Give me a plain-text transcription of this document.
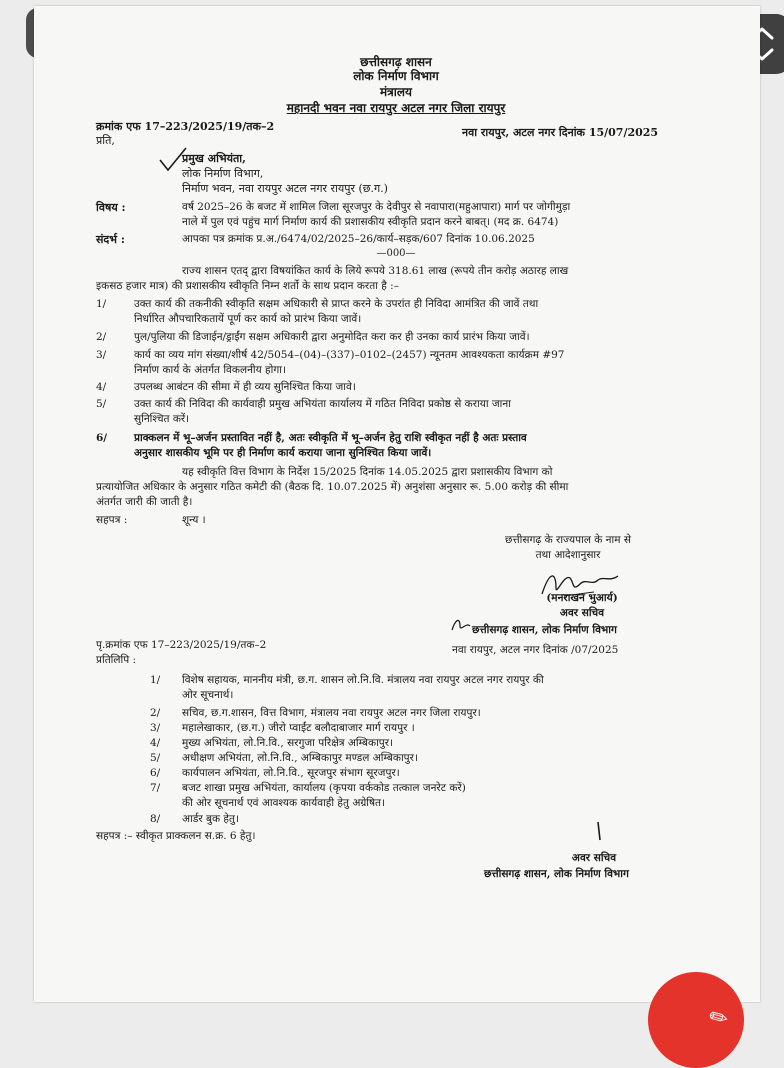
छत्तीसगढ़ शासन
लोक निर्माण विभाग
मंत्रालय
महानदी भवन नवा रायपुर अटल नगर जिला रायपुर
क्रमांक एफ 17–223/2025/19/तक–2	नवा रायपुर, अटल नगर दिनांक 15/07/2025
प्रति,
प्रमुख अभियंता,
लोक निर्माण विभाग,
निर्माण भवन, नवा रायपुर अटल नगर रायपुर (छ.ग.)
विषय :	वर्ष 2025–26 के बजट में शामिल जिला सूरजपुर के देवीपुर से नवापारा(महुआपारा) मार्ग पर जोगीमुड़ा
नाले में पुल एवं पहुंच मार्ग निर्माण कार्य की प्रशासकीय स्वीकृति प्रदान करने बाबत्। (मद क्र. 6474)
संदर्भ :	आपका पत्र क्रमांक प्र.अ./6474/02/2025–26/कार्य–सड़क/607 दिनांक 10.06.2025
—000—
राज्य शासन एतद् द्वारा विषयांकित कार्य के लिये रूपये 318.61 लाख (रूपये तीन करोड़ अठारह लाख
इकसठ हजार मात्र) की प्रशासकीय स्वीकृति निम्न शर्तो के साथ प्रदान करता है :–
1/	उक्त कार्य की तकनीकी स्वीकृति सक्षम अधिकारी से प्राप्त करने के उपरांत ही निविदा आमंत्रित की जावें तथा
निर्धारित औपचारिकतायें पूर्ण कर कार्य को प्रारंभ किया जावें।
2/	पुल/पुलिया की डिजाईन/ड्राईंग सक्षम अधिकारी द्वारा अनुमोदित करा कर ही उनका कार्य प्रारंभ किया जावें।
3/	कार्य का व्यय मांग संख्या/शीर्ष 42/5054–(04)–(337)–0102–(2457) न्यूनतम आवश्यकता कार्यक्रम #97
निर्माण कार्य के अंतर्गत विकलनीय होगा।
4/	उपलब्ध आबंटन की सीमा में ही व्यय सुनिश्चित किया जावे।
5/	उक्त कार्य की निविदा की कार्यवाही प्रमुख अभियंता कार्यालय में गठित निविदा प्रकोष्ठ से कराया जाना
सुनिश्चित करें।
6/	प्राक्कलन में भू–अर्जन प्रस्तावित नहीं है, अतः स्वीकृति में भू–अर्जन हेतु राशि स्वीकृत नहीं है अतः प्रस्ताव
अनुसार शासकीय भूमि पर ही निर्माण कार्य कराया जाना सुनिश्चित किया जावें।
यह स्वीकृति वित्त विभाग के निर्देश 15/2025 दिनांक 14.05.2025 द्वारा प्रशासकीय विभाग को
प्रत्यायोजित अधिकार के अनुसार गठित कमेटी की (बैठक दि. 10.07.2025 में) अनुशंसा अनुसार रू. 5.00 करोड़ की सीमा
अंतर्गत जारी की जाती है।
सहपत्र :	शून्य ।
छत्तीसगढ़ के राज्यपाल के नाम से
तथा आदेशानुसार
(मनराखन भुआर्य)
अवर सचिव
छत्तीसगढ़ शासन, लोक निर्माण विभाग
पृ.क्रमांक एफ 17–223/2025/19/तक–2	नवा रायपुर, अटल नगर दिनांक /07/2025
प्रतिलिपि :
1/ विशेष सहायक, माननीय मंत्री, छ.ग. शासन लो.नि.वि. मंत्रालय नवा रायपुर अटल नगर रायपुर की
ओर सूचनार्थ।
2/ सचिव, छ.ग.शासन, वित्त विभाग, मंत्रालय नवा रायपुर अटल नगर जिला रायपुर।
3/ महालेखाकार, (छ.ग.) जीरो प्वाईंट बलौदाबाजार मार्ग रायपुर ।
4/ मुख्य अभियंता, लो.नि.वि., सरगुजा परिक्षेत्र अम्बिकापुर।
5/ अधीक्षण अभियंता, लो.नि.वि., अम्बिकापुर मण्डल अम्बिकापुर।
6/ कार्यपालन अभियंता, लो.नि.वि., सूरजपुर संभाग सूरजपुर।
7/ बजट शाखा प्रमुख अभियंता, कार्यालय (कृपया वर्ककोड तत्काल जनरेट करें)
की ओर सूचनार्थ एवं आवश्यक कार्यवाही हेतु अग्रेषित।
8/ आर्डर बुक हेतु।
सहपत्र :– स्वीकृत प्राक्कलन स.क्र. 6 हेतु।
अवर सचिव
छत्तीसगढ़ शासन, लोक निर्माण विभाग
✎
